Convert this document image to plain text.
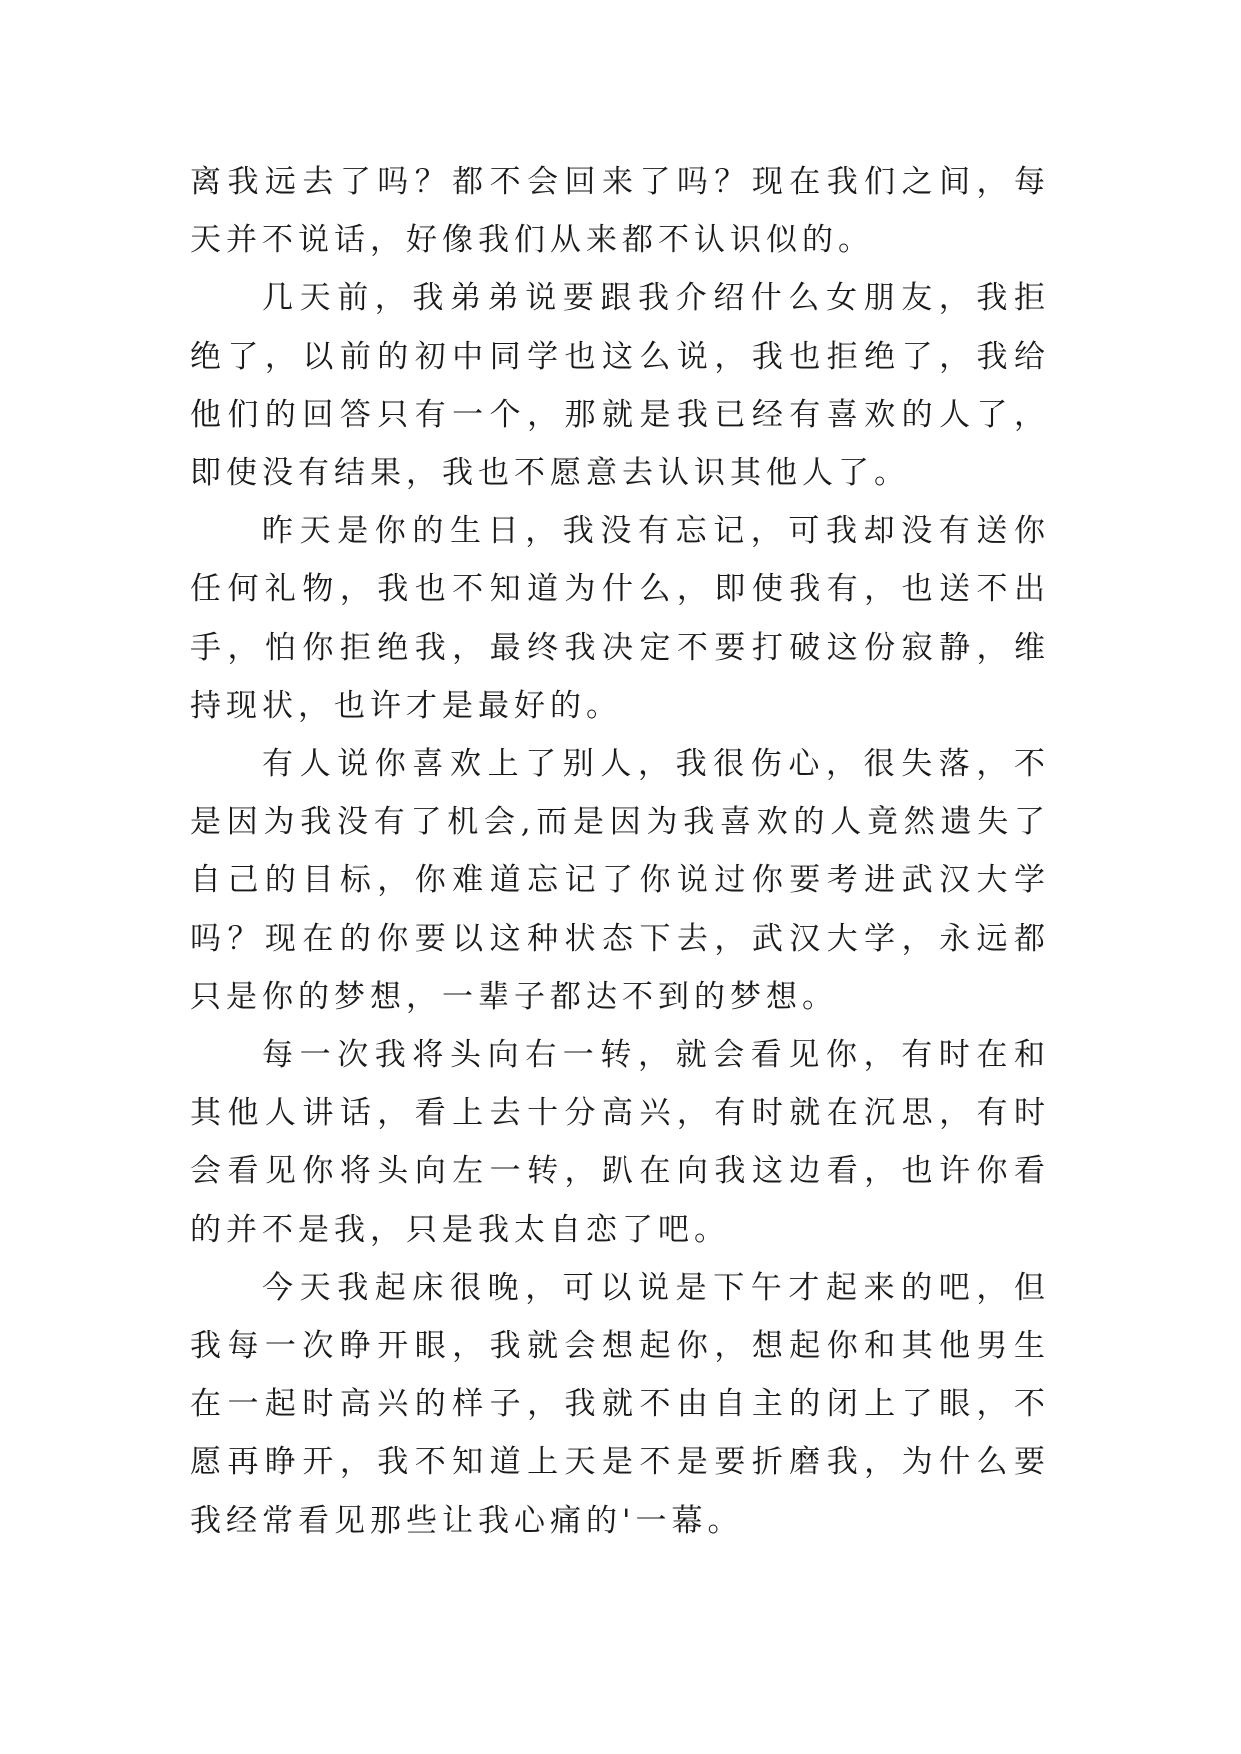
离我远去了吗？都不会回来了吗？现在我们之间，每天并不说话，好像我们从来都不认识似的。

几天前，我弟弟说要跟我介绍什么女朋友，我拒绝了，以前的初中同学也这么说，我也拒绝了，我给他们的回答只有一个，那就是我已经有喜欢的人了，即使没有结果，我也不愿意去认识其他人了。

昨天是你的生日，我没有忘记，可我却没有送你任何礼物，我也不知道为什么，即使我有，也送不出手，怕你拒绝我，最终我决定不要打破这份寂静，维持现状，也许才是最好的。

有人说你喜欢上了别人，我很伤心，很失落，不是因为我没有了机会,而是因为我喜欢的人竟然遗失了自己的目标，你难道忘记了你说过你要考进武汉大学吗？现在的你要以这种状态下去，武汉大学，永远都只是你的梦想，一辈子都达不到的梦想。

每一次我将头向右一转，就会看见你，有时在和其他人讲话，看上去十分高兴，有时就在沉思，有时会看见你将头向左一转，趴在向我这边看，也许你看的并不是我，只是我太自恋了吧。

今天我起床很晚，可以说是下午才起来的吧，但我每一次睁开眼，我就会想起你，想起你和其他男生在一起时高兴的样子，我就不由自主的闭上了眼，不愿再睁开，我不知道上天是不是要折磨我，为什么要我经常看见那些让我心痛的'一幕。
